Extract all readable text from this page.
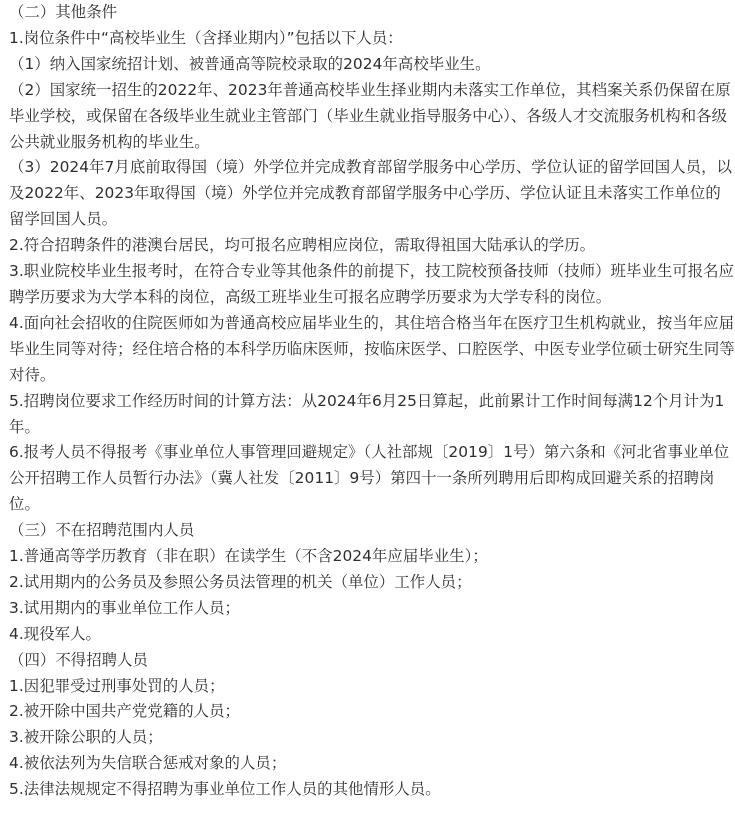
（二）其他条件

1.岗位条件中“高校毕业生（含择业期内）”包括以下人员：

（1）纳入国家统招计划、被普通高等院校录取的2024年高校毕业生。

（2）国家统一招生的2022年、2023年普通高校毕业生择业期内未落实工作单位，其档案关系仍保留在原毕业学校，或保留在各级毕业生就业主管部门（毕业生就业指导服务中心）、各级人才交流服务机构和各级公共就业服务机构的毕业生。

（3）2024年7月底前取得国（境）外学位并完成教育部留学服务中心学历、学位认证的留学回国人员，以及2022年、2023年取得国（境）外学位并完成教育部留学服务中心学历、学位认证且未落实工作单位的留学回国人员。

2.符合招聘条件的港澳台居民，均可报名应聘相应岗位，需取得祖国大陆承认的学历。

3.职业院校毕业生报考时，在符合专业等其他条件的前提下，技工院校预备技师（技师）班毕业生可报名应聘学历要求为大学本科的岗位，高级工班毕业生可报名应聘学历要求为大学专科的岗位。

4.面向社会招收的住院医师如为普通高校应届毕业生的，其住培合格当年在医疗卫生机构就业，按当年应届毕业生同等对待；经住培合格的本科学历临床医师，按临床医学、口腔医学、中医专业学位硕士研究生同等对待。

5.招聘岗位要求工作经历时间的计算方法：从2024年6月25日算起，此前累计工作时间每满12个月计为1年。

6.报考人员不得报考《事业单位人事管理回避规定》（人社部规〔2019〕1号）第六条和《河北省事业单位公开招聘工作人员暂行办法》（冀人社发〔2011〕9号）第四十一条所列聘用后即构成回避关系的招聘岗位。

（三）不在招聘范围内人员

1.普通高等学历教育（非在职）在读学生（不含2024年应届毕业生）；

2.试用期内的公务员及参照公务员法管理的机关（单位）工作人员；

3.试用期内的事业单位工作人员；

4.现役军人。

（四）不得招聘人员

1.因犯罪受过刑事处罚的人员；

2.被开除中国共产党党籍的人员；

3.被开除公职的人员；

4.被依法列为失信联合惩戒对象的人员；

5.法律法规规定不得招聘为事业单位工作人员的其他情形人员。
